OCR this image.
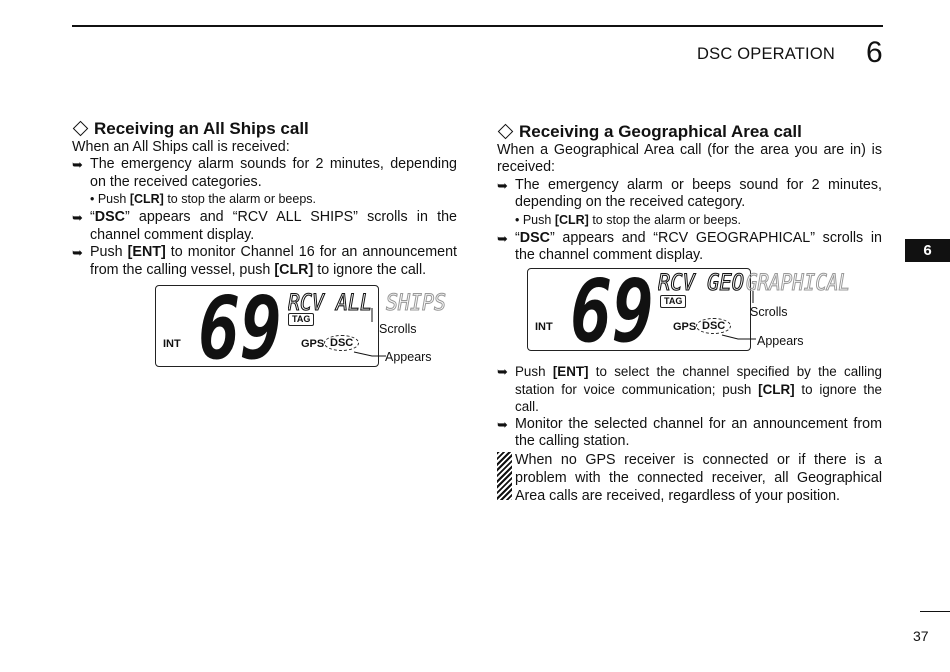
DSC OPERATION 6
6
37
Receiving an All Ships call

When an All Ships call is received:

➥ The emergency alarm sounds for 2 minutes, depending on the received categories.
• Push [CLR] to stop the alarm or beeps.
➥ “DSC” appears and “RCV ALL SHIPS” scrolls in the channel comment display.
➥ Push [ENT] to monitor Channel 16 for an announcement from the calling vessel, push [CLR] to ignore the call.
69 RCV ALL SHIPS
TAG
INT	GPS DSC
Scrolls
Appears
Receiving a Geographical Area call

When a Geographical Area call (for the area you are in) is received:

➥ The emergency alarm or beeps sound for 2 minutes, depending on the received category.
• Push [CLR] to stop the alarm or beeps.
➥ “DSC” appears and “RCV GEOGRAPHICAL” scrolls in the channel comment display.
69	TAG
INT	GPS DSC
RCV GEO GRAPHICAL
Scrolls
Appears
➥ Push [ENT] to select the channel specified by the calling station for voice communication; push [CLR] to ignore the call.
➥ Monitor the selected channel for an announcement from the calling station.
When no GPS receiver is connected or if there is a problem with the connected receiver, all Geographical Area calls are received, regardless of your position.
